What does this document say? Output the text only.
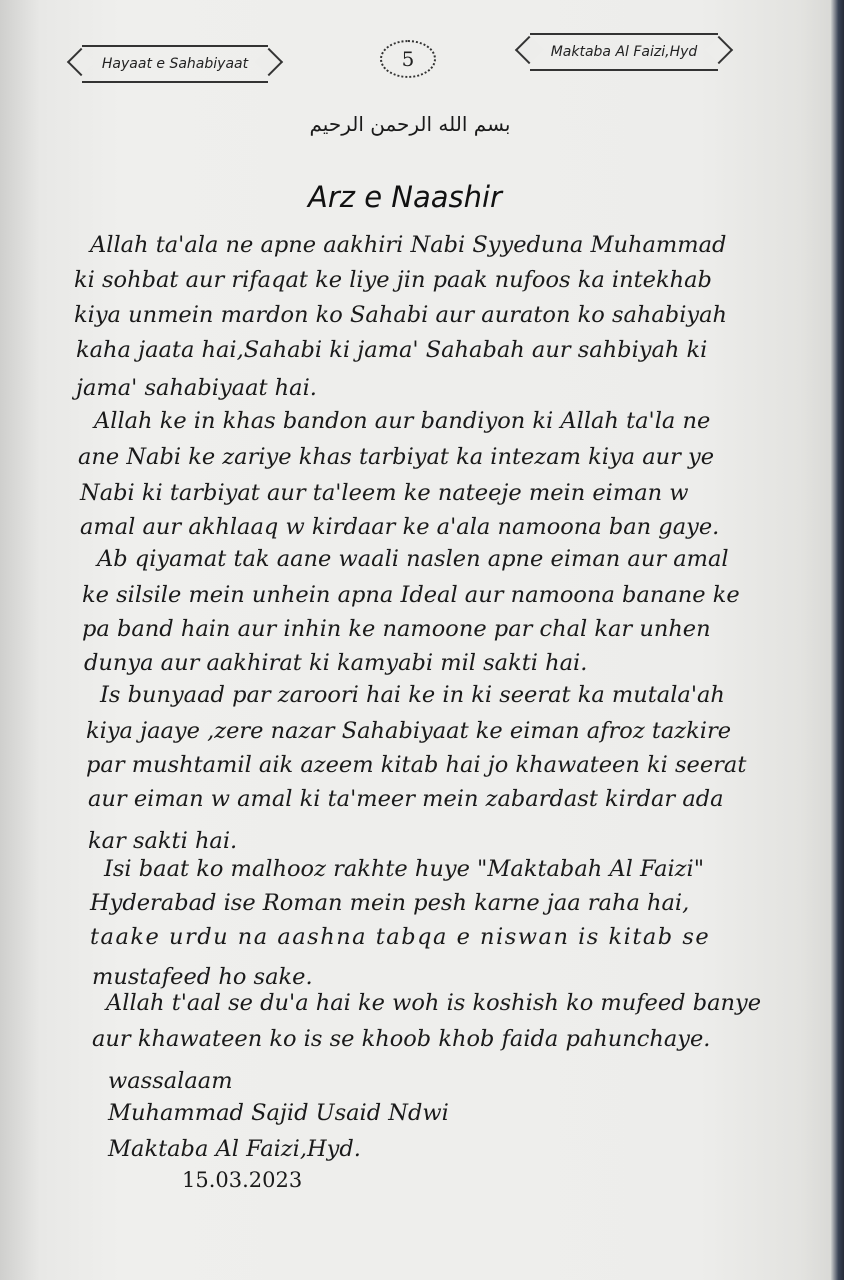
Hayaat e Sahabiyaat	5	Maktaba Al Faizi,Hyd
بسم الله الرحمن الرحيم
Arz e Naashir
Allah ta'ala ne apne aakhiri Nabi Syyeduna Muhammad
ki sohbat aur rifaqat ke liye jin paak nufoos ka intekhab
kiya unmein mardon ko Sahabi aur auraton ko sahabiyah
kaha jaata hai,Sahabi ki jama' Sahabah aur sahbiyah ki
jama' sahabiyaat hai.
Allah ke in khas bandon aur bandiyon ki Allah ta'la ne
ane Nabi ke zariye khas tarbiyat ka intezam kiya aur ye
Nabi ki tarbiyat aur ta'leem ke nateeje mein eiman w
amal aur akhlaaq w kirdaar ke a'ala namoona ban gaye.
Ab qiyamat tak aane waali naslen apne eiman aur amal
ke silsile mein unhein apna Ideal aur namoona banane ke
pa band hain aur inhin ke namoone par chal kar unhen
dunya aur aakhirat ki kamyabi mil sakti hai.
Is bunyaad par zaroori hai ke in ki seerat ka mutala'ah
kiya jaaye ,zere nazar Sahabiyaat ke eiman afroz tazkire
par mushtamil aik azeem kitab hai jo khawateen ki seerat
aur eiman w amal ki ta'meer mein zabardast kirdar ada
kar sakti hai.
Isi baat ko malhooz rakhte huye "Maktabah Al Faizi"
Hyderabad ise Roman mein pesh karne jaa raha hai,
taake urdu na aashna tabqa e niswan is kitab se
mustafeed ho sake.
Allah t'aal se du'a hai ke woh is koshish ko mufeed banye
aur khawateen ko is se khoob khob faida pahunchaye.
wassalaam
Muhammad Sajid Usaid Ndwi
Maktaba Al Faizi,Hyd.
15.03.2023
